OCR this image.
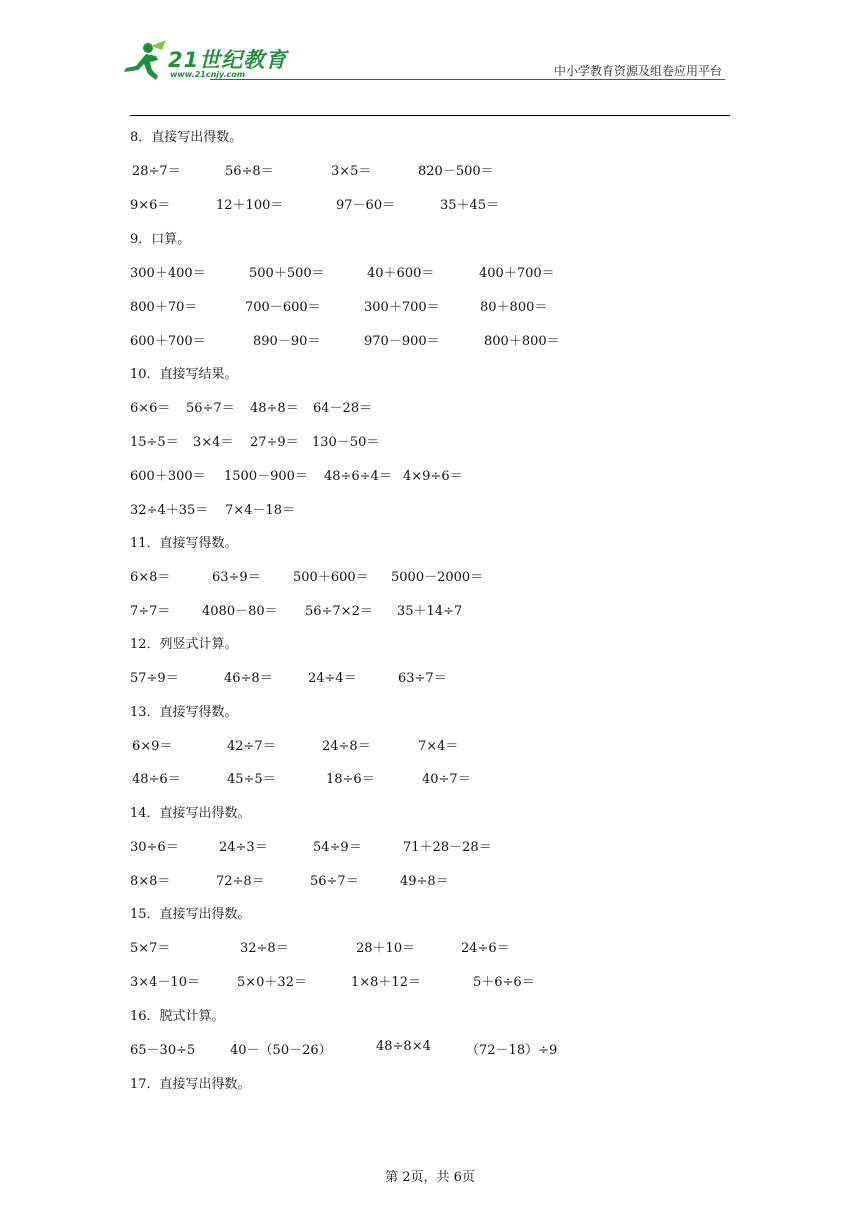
21世纪教育
www.21cnjy.com	中小学教育资源及组卷应用平台
8．直接写出得数。
28÷7＝	56÷8＝	3×5＝	820－500＝
9×6＝	12＋100＝	97－60＝	35＋45＝
9．口算。
300＋400＝	500＋500＝	40＋600＝	400＋700＝
800＋70＝	700－600＝	300＋700＝	80＋800＝
600＋700＝	890－90＝	970－900＝	800＋800＝
10．直接写结果。
6×6＝ 56÷7＝ 48÷8＝ 64－28＝
15÷5＝ 3×4＝ 27÷9＝ 130－50＝
600＋300＝ 1500－900＝ 48÷6÷4＝ 4×9÷6＝
32÷4＋35＝ 7×4－18＝
11．直接写得数。
6×8＝	63÷9＝ 500＋600＝ 5000－2000＝
7÷7＝ 4080－80＝ 56÷7×2＝ 35＋14÷7
12．列竖式计算。
57÷9＝	46÷8＝	24÷4＝	63÷7＝
13．直接写得数。
6×9＝	42÷7＝	24÷8＝	7×4＝
48÷6＝	45÷5＝	18÷6＝	40÷7＝
14．直接写出得数。
30÷6＝	24÷3＝	54÷9＝	71＋28－28＝
8×8＝	72÷8＝	56÷7＝	49÷8＝
15．直接写出得数。
5×7＝	32÷8＝	28＋10＝	24÷6＝
3×4－10＝	5×0＋32＝	1×8＋12＝	5＋6÷6＝
16．脱式计算。
65－30÷5	40－（50－26）	48÷8×4	（72－18）÷9
17．直接写出得数。
第 2页，共 6页
